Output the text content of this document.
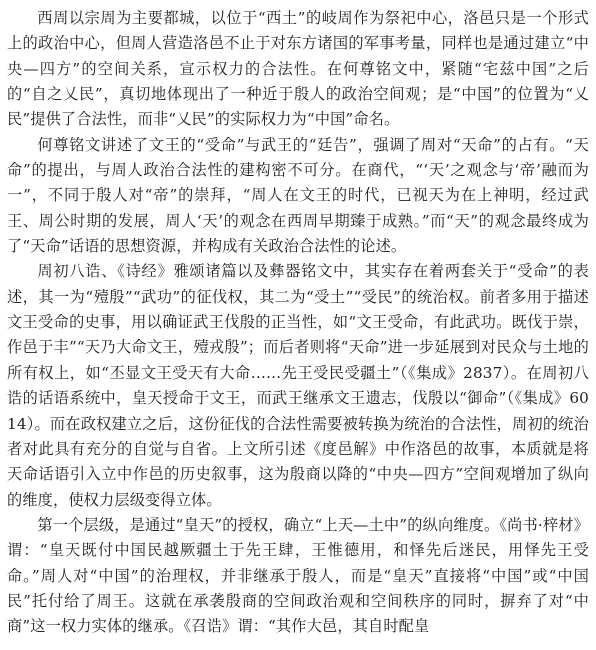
西周以宗周为主要都城，以位于“西土”的岐周作为祭祀中心，洛邑只是一个形式上的政治中心，但周人营造洛邑不止于对东方诸国的军事考量，同样也是通过建立“中央—四方”的空间关系，宣示权力的合法性。在何尊铭文中，紧随“宅兹中国”之后的“自之乂民”，真切地体现出了一种近于殷人的政治空间观；是“中国”的位置为“乂民”提供了合法性，而非“乂民”的实际权力为“中国”命名。

何尊铭文讲述了文王的“受命”与武王的“廷告”，强调了周对“天命”的占有。“天命”的提出，与周人政治合法性的建构密不可分。在商代，“‘天’之观念与‘帝’融而为一”，不同于殷人对“帝”的崇拜，“周人在文王的时代，已视天为在上神明，经过武王、周公时期的发展，周人‘天’的观念在西周早期臻于成熟。”而“天”的观念最终成为了“天命”话语的思想资源，并构成有关政治合法性的论述。

周初八诰、《诗经》雅颂诸篇以及彝器铭文中，其实存在着两套关于“受命”的表述，其一为“殪殷”“武功”的征伐权，其二为“受土”“受民”的统治权。前者多用于描述文王受命的史事，用以确证武王伐殷的正当性，如“文王受命，有此武功。既伐于崇，作邑于丰”“天乃大命文王，殪戎殷”；而后者则将“天命”进一步延展到对民众与土地的所有权上，如“丕显文王受天有大命……先王受民受疆土”（《集成》2837）。在周初八诰的话语系统中，皇天授命于文王，而武王继承文王遗志，伐殷以“御命”（《集成》6014）。而在政权建立之后，这份征伐的合法性需要被转换为统治的合法性，周初的统治者对此具有充分的自觉与自省。上文所引述《度邑解》中作洛邑的故事，本质就是将天命话语引入立中作邑的历史叙事，这为殷商以降的“中央—四方”空间观增加了纵向的维度，使权力层级变得立体。

第一个层级，是通过“皇天”的授权，确立“上天—土中”的纵向维度。《尚书·梓材》谓：“皇天既付中国民越厥疆土于先王肆，王惟德用，和怿先后迷民，用怿先王受命。”周人对“中国”的治理权，并非继承于殷人，而是“皇天”直接将“中国”或“中国民”托付给了周王。这就在承袭殷商的空间政治观和空间秩序的同时，摒弃了对“中商”这一权力实体的继承。《召诰》谓：“其作大邑，其自时配皇
